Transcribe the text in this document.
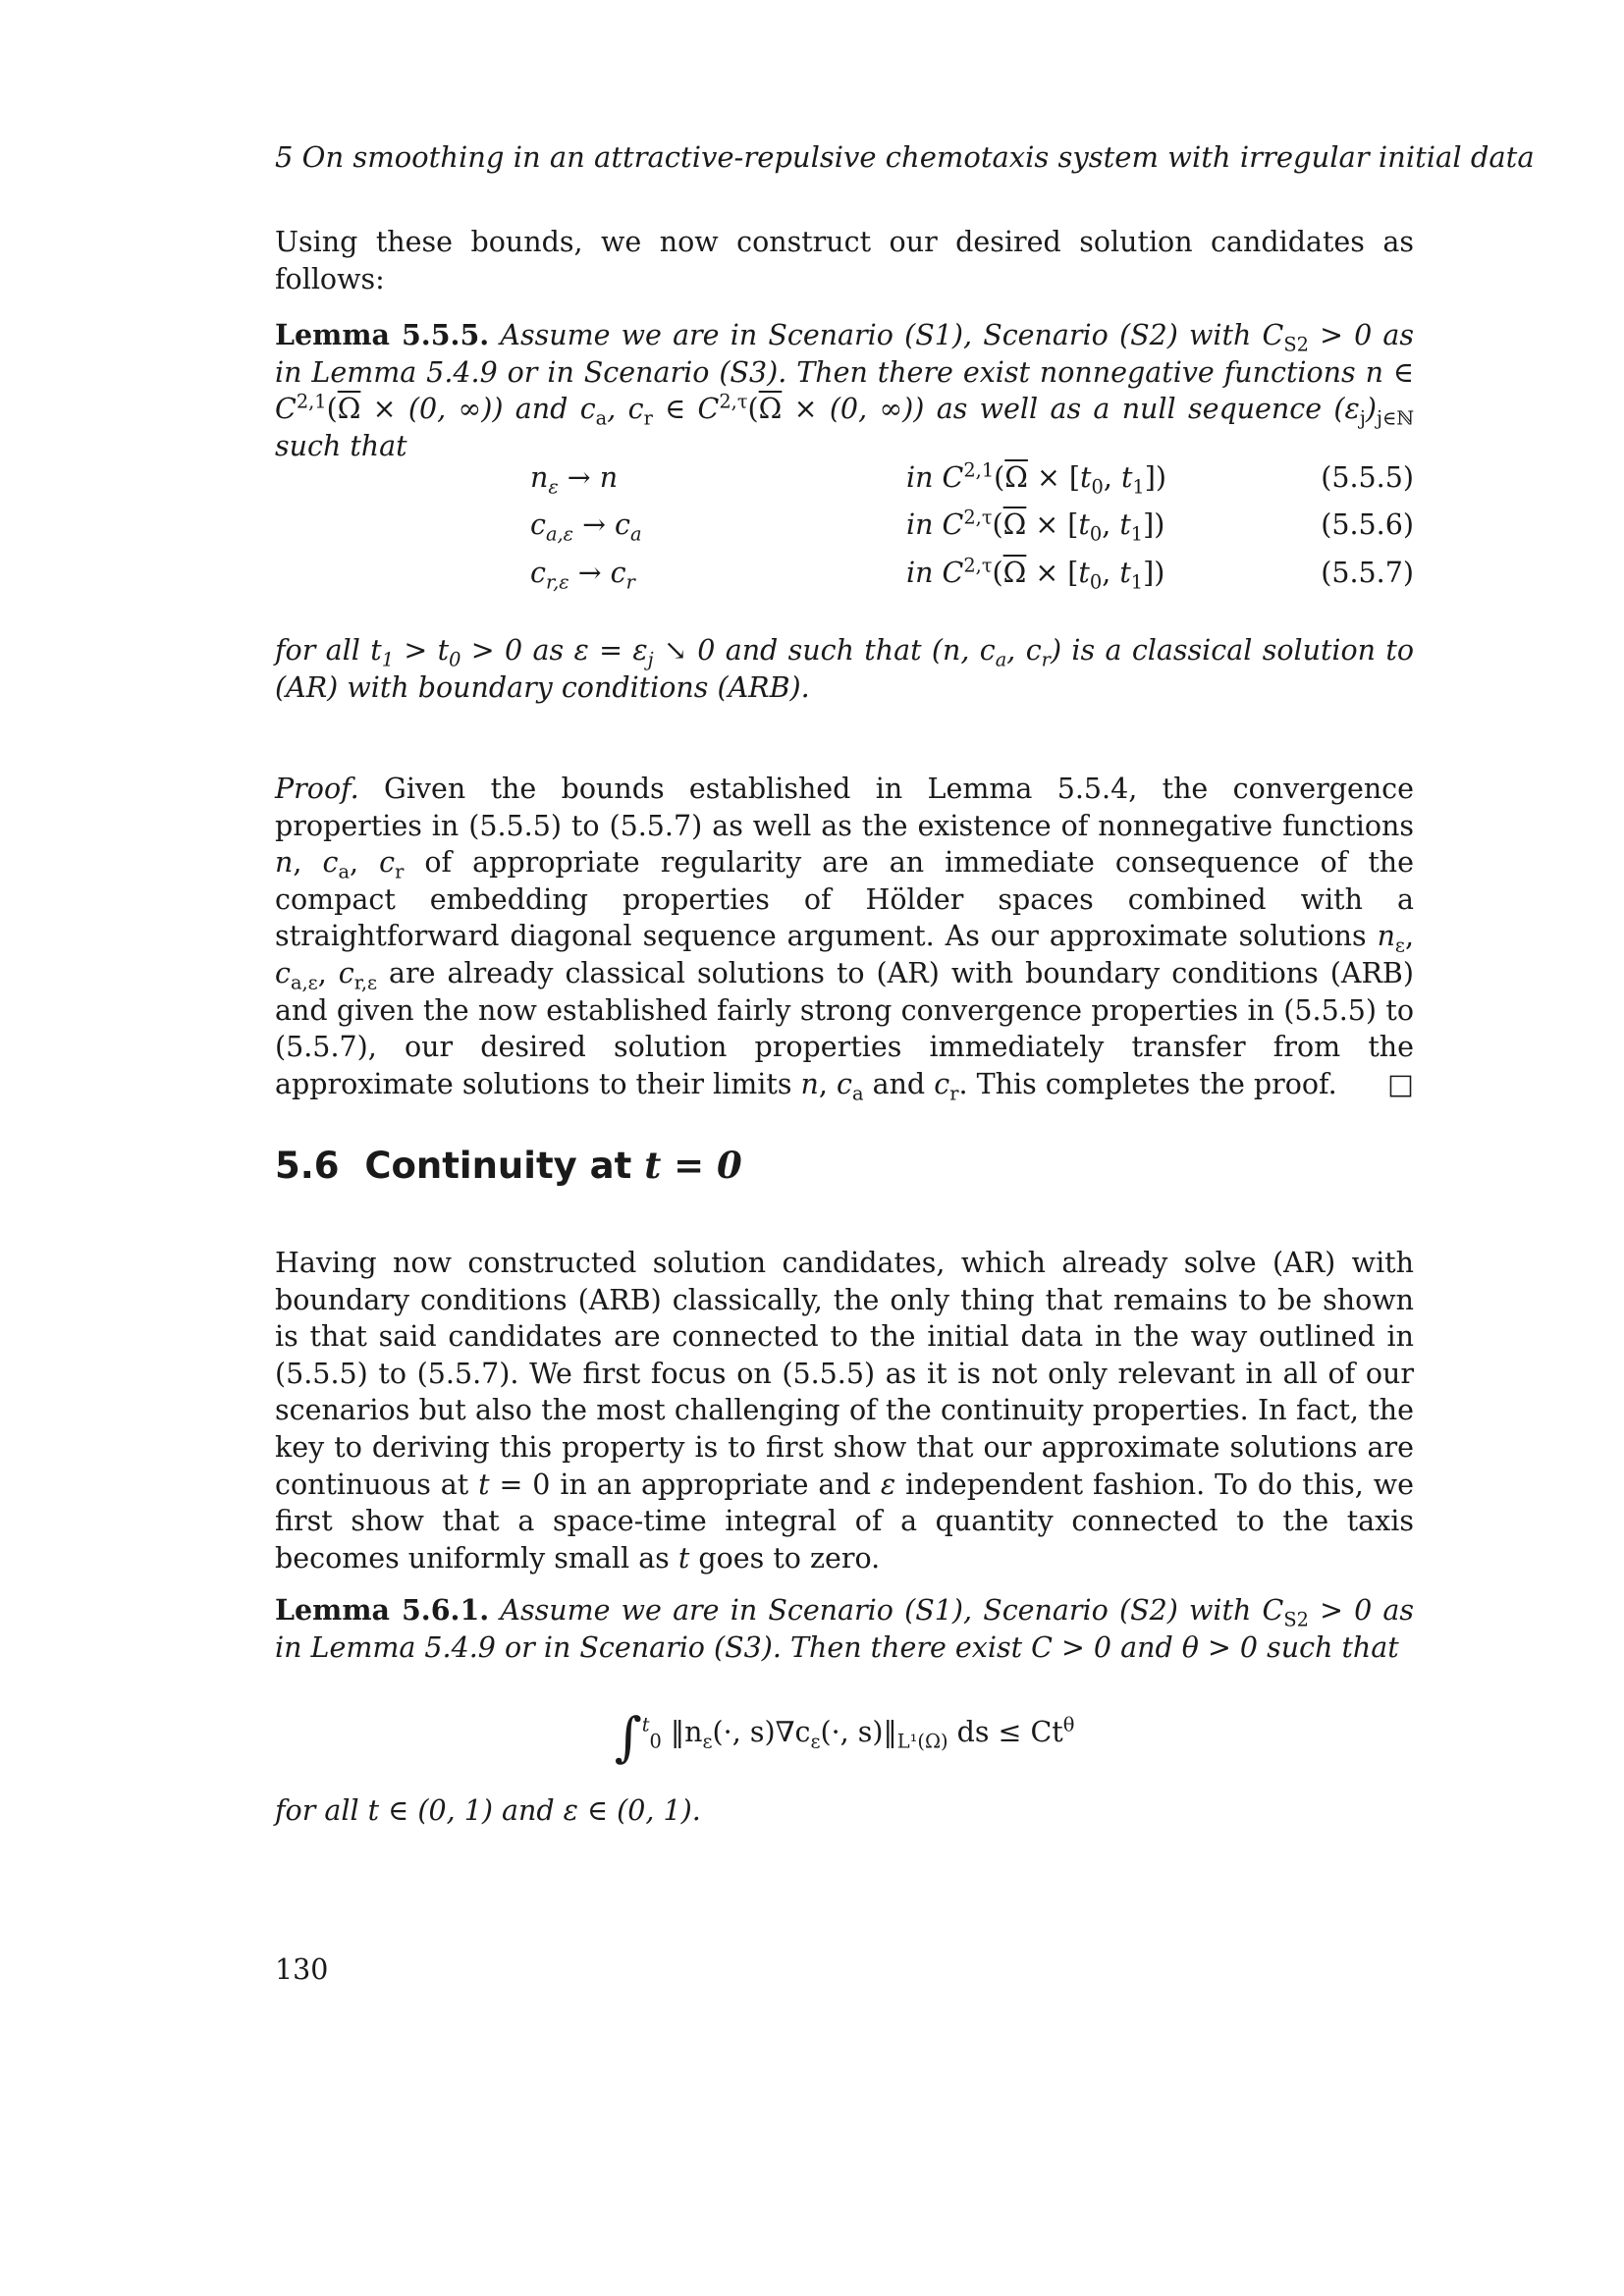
5 On smoothing in an attractive-repulsive chemotaxis system with irregular initial data

Using these bounds, we now construct our desired solution candidates as follows:

Lemma 5.5.5. Assume we are in Scenario (S1), Scenario (S2) with $C_{S2} > 0$ as in Lemma 5.4.9 or in Scenario (S3). Then there exist nonnegative functions n ∈ $C^{2,1}(\overline{\Omega} \times (0$, ∞)) and $c_a$, $c_r$ ∈ $C^{2,\tau}(\overline{\Omega} \times (0$, ∞)) as well as a null sequence $(\varepsilon_j)_{j\in ℕ}$ such that

$n_\varepsilon \to n$	in $C^{2,1}(\overline{\Omega} \times [t_0$, $t_1$])	(5.5.5)
$c_{a,\varepsilon} \to c_a$	in $C^{2,\tau}(\overline{\Omega} \times [t_0$, $t_1$])	(5.5.6)
$c_{r,\varepsilon} \to c_r$	in $C^{2,\tau}(\overline{\Omega} \times [t_0$, $t_1$])	(5.5.7)

for all $t_1 > t_0 > 0$ as $\varepsilon = \varepsilon_j$ ↘ 0 and such that (n, $c_a$, $c_r$) is a classical solution to (AR) with boundary conditions (ARB).

Proof. Given the bounds established in Lemma 5.5.4, the convergence properties in (5.5.5) to (5.5.7) as well as the existence of nonnegative functions n, $c_a$, $c_r$ of appropriate regularity are an immediate consequence of the compact embedding properties of Hölder spaces combined with a straightforward diagonal sequence argument. As our approximate solutions $n_\varepsilon$, $c_{a,\varepsilon}$, $c_{r,\varepsilon}$ are already classical solutions to (AR) with boundary conditions (ARB) and given the now established fairly strong convergence properties in (5.5.5) to (5.5.7), our desired solution properties immediately transfer from the approximate solutions to their limits n, $c_a$ and $c_r$. This completes the proof. □

5.6 Continuity at t = 0

Having now constructed solution candidates, which already solve (AR) with boundary conditions (ARB) classically, the only thing that remains to be shown is that said candidates are connected to the initial data in the way outlined in (5.5.5) to (5.5.7). We first focus on (5.5.5) as it is not only relevant in all of our scenarios but also the most challenging of the continuity properties. In fact, the key to deriving this property is to first show that our approximate solutions are continuous at t = 0 in an appropriate and ε independent fashion. To do this, we first show that a space-time integral of a quantity connected to the taxis becomes uniformly small as t goes to zero.

Lemma 5.6.1. Assume we are in Scenario (S1), Scenario (S2) with $C_{S2} > 0$ as in Lemma 5.4.9 or in Scenario (S3). Then there exist C > 0 and θ > 0 such that

∫$^t_0$ $‖n_\varepsilon(\cdot$, $s)\nabla c_\varepsilon(\cdot$, $s)‖_{L^1(\Omega)}$ ds ≤ $Ct^\theta$

for all t ∈ (0, 1) and ε ∈ (0, 1).

130
